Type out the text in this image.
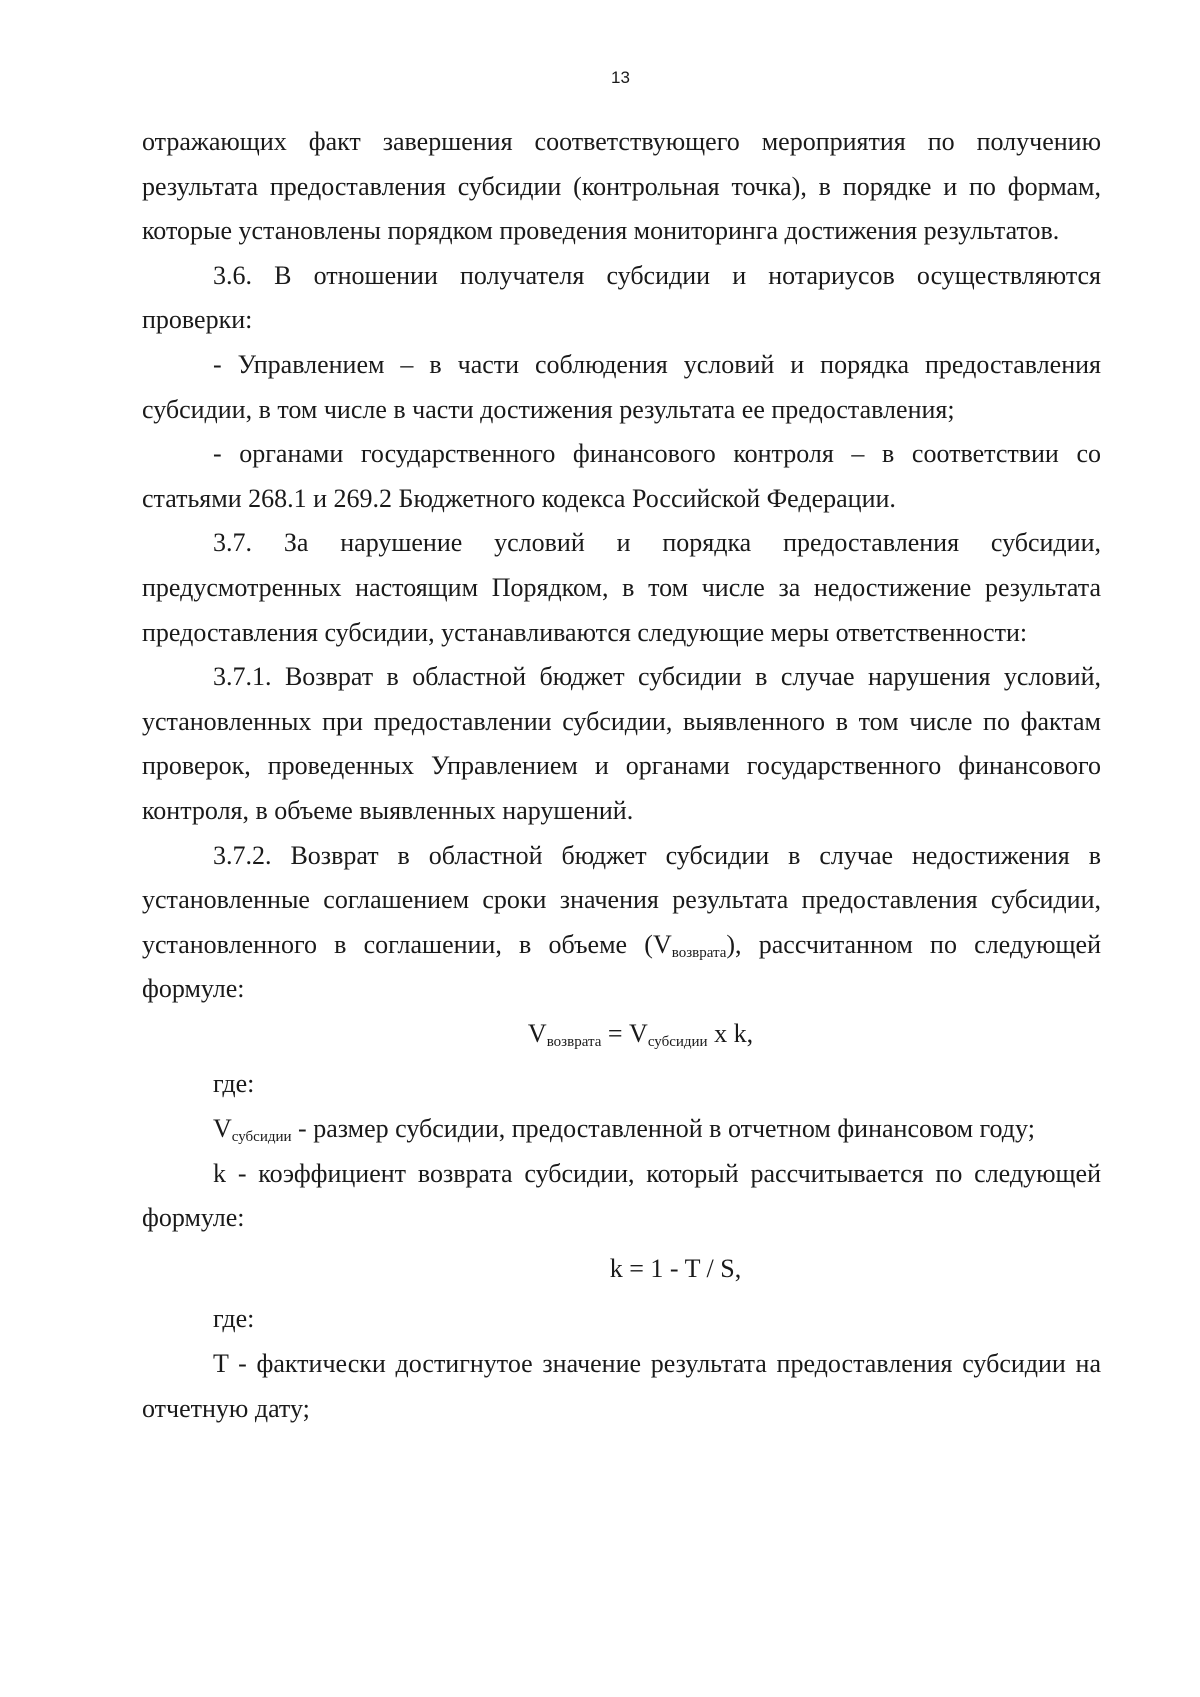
13

отражающих факт завершения соответствующего мероприятия по получению результата предоставления субсидии (контрольная точка), в порядке и по формам, которые установлены порядком проведения мониторинга достижения результатов.

3.6. В отношении получателя субсидии и нотариусов осуществляются проверки:

- Управлением – в части соблюдения условий и порядка предоставления субсидии, в том числе в части достижения результата ее предоставления;

- органами государственного финансового контроля – в соответствии со статьями 268.1 и 269.2 Бюджетного кодекса Российской Федерации.

3.7. За нарушение условий и порядка предоставления субсидии, предусмотренных настоящим Порядком, в том числе за недостижение результата предоставления субсидии, устанавливаются следующие меры ответственности:

3.7.1. Возврат в областной бюджет субсидии в случае нарушения условий, установленных при предоставлении субсидии, выявленного в том числе по фактам проверок, проведенных Управлением и органами государственного финансового контроля, в объеме выявленных нарушений.

3.7.2. Возврат в областной бюджет субсидии в случае недостижения в установленные соглашением сроки значения результата предоставления субсидии, установленного в соглашении, в объеме $(V_{возврата})$, рассчитанном по следующей формуле:

$V_{возврата} = V_{субсидии}$ x k,

где:

$V_{субсидии}$ - размер субсидии, предоставленной в отчетном финансовом году;

k - коэффициент возврата субсидии, который рассчитывается по следующей формуле:

k = 1 - T / S,

где:

T - фактически достигнутое значение результата предоставления субсидии на отчетную дату;
